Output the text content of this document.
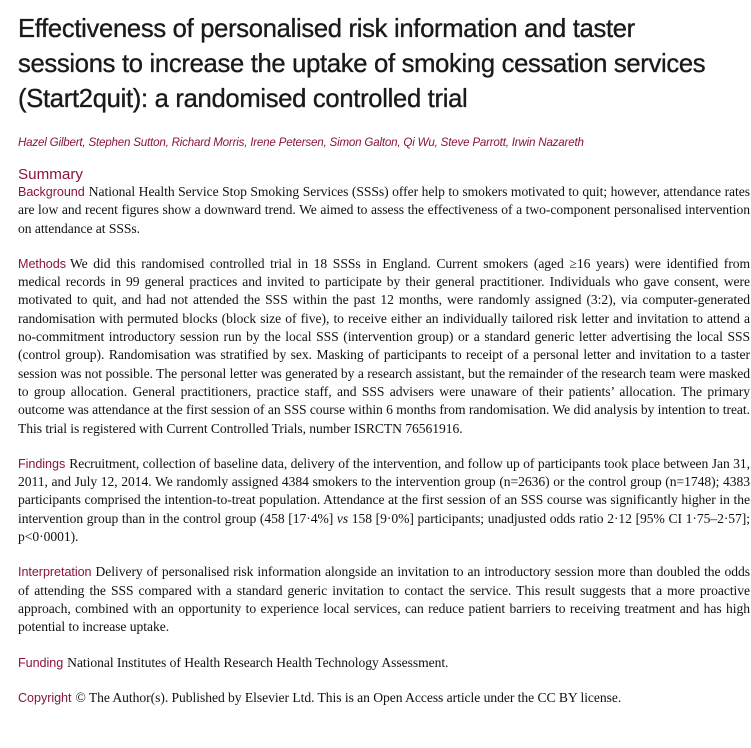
Effectiveness of personalised risk information and taster
sessions to increase the uptake of smoking cessation services
(Start2quit): a randomised controlled trial
Hazel Gilbert, Stephen Sutton, Richard Morris, Irene Petersen, Simon Galton, Qi Wu, Steve Parrott, Irwin Nazareth
Summary

Background National Health Service Stop Smoking Services (SSSs) offer help to smokers motivated to quit; however, attendance rates are low and recent figures show a downward trend. We aimed to assess the effectiveness of a two-component personalised intervention on attendance at SSSs.

Methods We did this randomised controlled trial in 18 SSSs in England. Current smokers (aged ≥16 years) were identified from medical records in 99 general practices and invited to participate by their general practitioner. Individuals who gave consent, were motivated to quit, and had not attended the SSS within the past 12 months, were randomly assigned (3:2), via computer-generated randomisation with permuted blocks (block size of five), to receive either an individually tailored risk letter and invitation to attend a no-commitment introductory session run by the local SSS (intervention group) or a standard generic letter advertising the local SSS (control group). Randomisation was stratified by sex. Masking of participants to receipt of a personal letter and invitation to a taster session was not possible. The personal letter was generated by a research assistant, but the remainder of the research team were masked to group allocation. General practitioners, practice staff, and SSS advisers were unaware of their patients’ allocation. The primary outcome was attendance at the first session of an SSS course within 6 months from randomisation. We did analysis by intention to treat. This trial is registered with Current Controlled Trials, number ISRCTN 76561916.

Findings Recruitment, collection of baseline data, delivery of the intervention, and follow up of participants took place between Jan 31, 2011, and July 12, 2014. We randomly assigned 4384 smokers to the intervention group (n=2636) or the control group (n=1748); 4383 participants comprised the intention-to-treat population. Attendance at the first session of an SSS course was significantly higher in the intervention group than in the control group (458 [17·4%] vs 158 [9·0%] participants; unadjusted odds ratio 2·12 [95% CI 1·75–2·57]; p<0·0001).

Interpretation Delivery of personalised risk information alongside an invitation to an introductory session more than doubled the odds of attending the SSS compared with a standard generic invitation to contact the service. This result suggests that a more proactive approach, combined with an opportunity to experience local services, can reduce patient barriers to receiving treatment and has high potential to increase uptake.

Funding National Institutes of Health Research Health Technology Assessment.

Copyright © The Author(s). Published by Elsevier Ltd. This is an Open Access article under the CC BY license.
